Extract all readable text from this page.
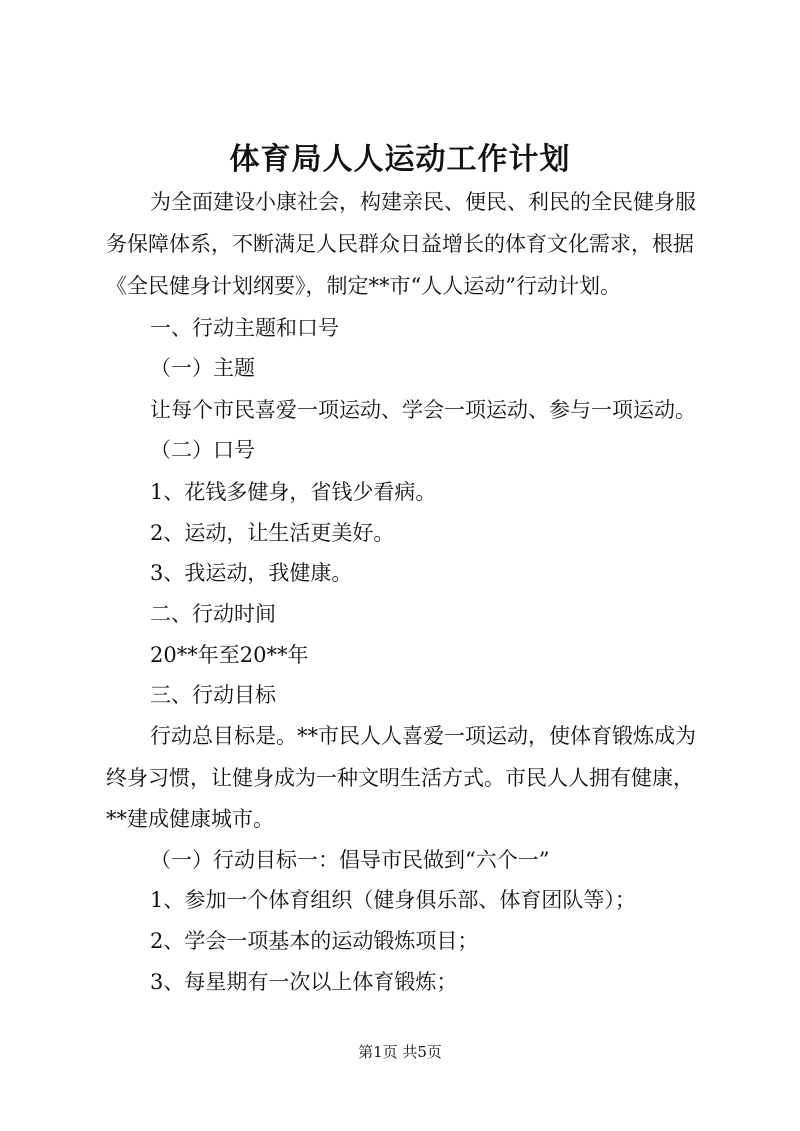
体育局人人运动工作计划
为全面建设小康社会，构建亲民、便民、利民的全民健身服
务保障体系，不断满足人民群众日益增长的体育文化需求，根据
《全民健身计划纲要》，制定**市“人人运动”行动计划。
一、行动主题和口号
（一）主题
让每个市民喜爱一项运动、学会一项运动、参与一项运动。
（二）口号
1、花钱多健身，省钱少看病。
2、运动，让生活更美好。
3、我运动，我健康。
二、行动时间
20**年至20**年
三、行动目标
行动总目标是。**市民人人喜爱一项运动，使体育锻炼成为
终身习惯，让健身成为一种文明生活方式。市民人人拥有健康，
**建成健康城市。
（一）行动目标一：倡导市民做到“六个一”
1、参加一个体育组织（健身俱乐部、体育团队等）；
2、学会一项基本的运动锻炼项目；
3、每星期有一次以上体育锻炼；
第1页 共5页
